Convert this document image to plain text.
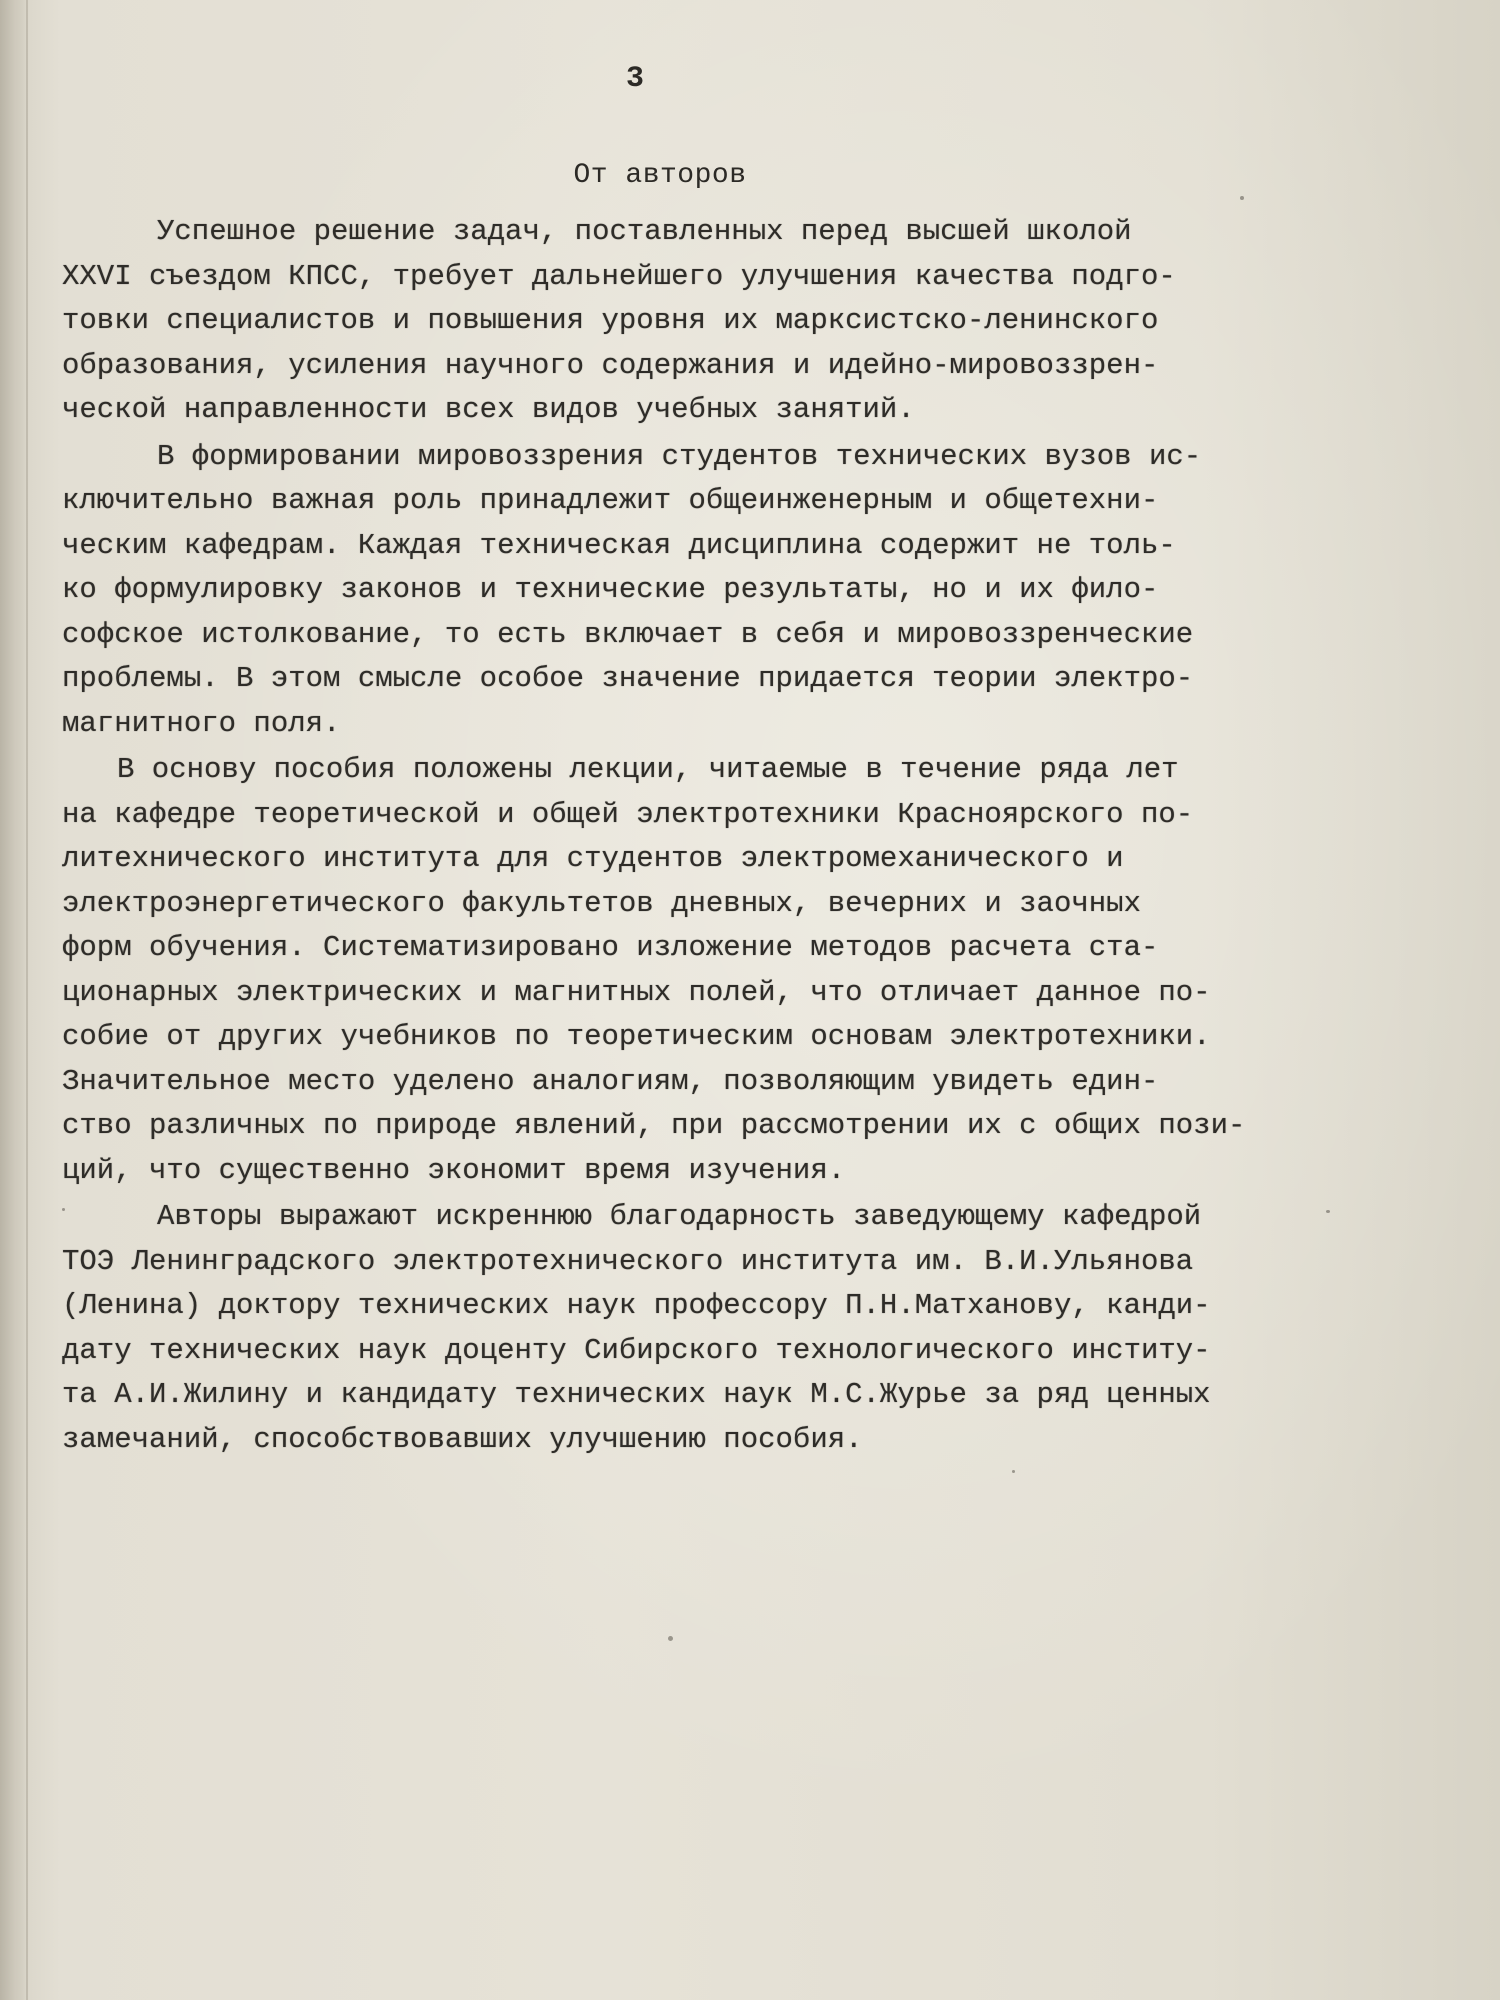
3
От авторов
Успешное решение задач, поставленных перед высшей школой
XXVI съездом КПСС, требует дальнейшего улучшения качества подго-
товки специалистов и повышения уровня их марксистско-ленинского
образования, усиления научного содержания и идейно-мировоззрен-
ческой направленности всех видов учебных занятий.
В формировании мировоззрения студентов технических вузов ис-
ключительно важная роль принадлежит общеинженерным и общетехни-
ческим кафедрам. Каждая техническая дисциплина содержит не толь-
ко формулировку законов и технические результаты, но и их фило-
софское истолкование, то есть включает в себя и мировоззренческие
проблемы. В этом смысле особое значение придается теории электро-
магнитного поля.
В основу пособия положены лекции, читаемые в течение ряда лет
на кафедре теоретической и общей электротехники Красноярского по-
литехнического института для студентов электромеханического и
электроэнергетического факультетов дневных, вечерних и заочных
форм обучения. Систематизировано изложение методов расчета ста-
ционарных электрических и магнитных полей, что отличает данное по-
собие от других учебников по теоретическим основам электротехники.
Значительное место уделено аналогиям, позволяющим увидеть един-
ство различных по природе явлений, при рассмотрении их с общих пози-
ций, что существенно экономит время изучения.
Авторы выражают искреннюю благодарность заведующему кафедрой
ТОЭ Ленинградского электротехнического института им. В.И.Ульянова
(Ленина) доктору технических наук профессору П.Н.Матханову, канди-
дату технических наук доценту Сибирского технологического институ-
та А.И.Жилину и кандидату технических наук М.С.Журье за ряд ценных
замечаний, способствовавших улучшению пособия.
